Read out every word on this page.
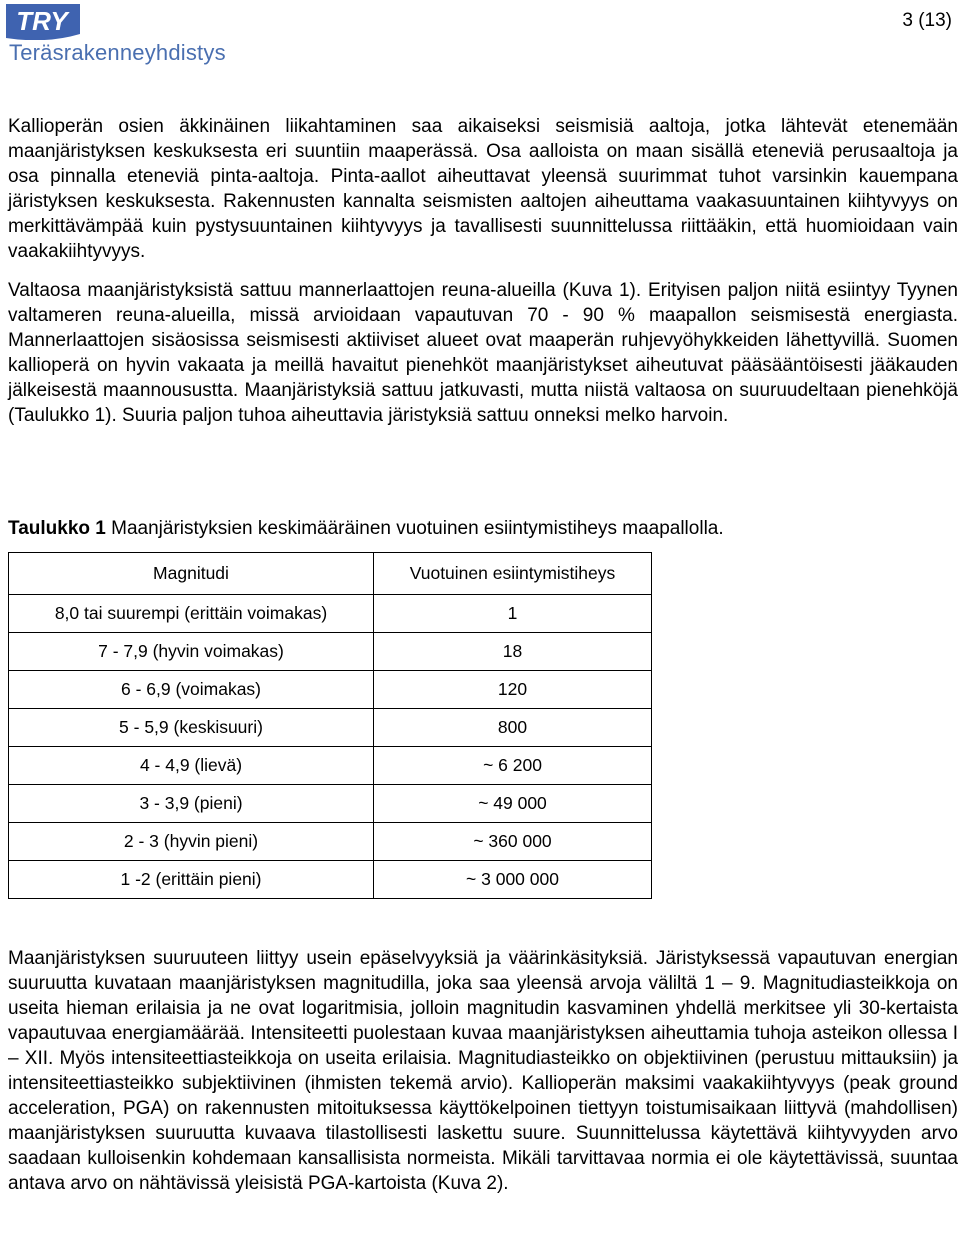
TRY
Teräsrakenneyhdistys
3 (13)

Kallioperän osien äkkinäinen liikahtaminen saa aikaiseksi seismisiä aaltoja, jotka lähtevät etenemään maanjäristyksen keskuksesta eri suuntiin maaperässä. Osa aalloista on maan sisällä eteneviä perusaaltoja ja osa pinnalla eteneviä pinta-aaltoja. Pinta-aallot aiheuttavat yleensä suurimmat tuhot varsinkin kauempana järistyksen keskuksesta. Rakennusten kannalta seismisten aaltojen aiheuttama vaakasuuntainen kiihtyvyys on merkittävämpää kuin pystysuuntainen kiihtyvyys ja tavallisesti suunnittelussa riittääkin, että huomioidaan vain vaakakiihtyvyys.

Valtaosa maanjäristyksistä sattuu mannerlaattojen reuna-alueilla (Kuva 1). Erityisen paljon niitä esiintyy Tyynen valtameren reuna-alueilla, missä arvioidaan vapautuvan 70 - 90 % maapallon seismisestä energiasta. Mannerlaattojen sisäosissa seismisesti aktiiviset alueet ovat maaperän ruhjevyöhykkeiden lähettyvillä. Suomen kallioperä on hyvin vakaata ja meillä havaitut pienehköt maanjäristykset aiheutuvat pääsääntöisesti jääkauden jälkeisestä maannousustta. Maanjäristyksiä sattuu jatkuvasti, mutta niistä valtaosa on suuruudeltaan pienehköjä (Taulukko 1). Suuria paljon tuhoa aiheuttavia järistyksiä sattuu onneksi melko harvoin.

Taulukko 1 Maanjäristyksien keskimääräinen vuotuinen esiintymistiheys maapallolla.
Magnitudi	Vuotuinen esiintymistiheys
8,0 tai suurempi (erittäin voimakas)	1
7 - 7,9 (hyvin voimakas)	18
6 - 6,9 (voimakas)	120
5 - 5,9 (keskisuuri)	800
4 - 4,9 (lievä)	~ 6 200
3 - 3,9 (pieni)	~ 49 000
2 - 3 (hyvin pieni)	~ 360 000
1 -2 (erittäin pieni)	~ 3 000 000

Maanjäristyksen suuruuteen liittyy usein epäselvyyksiä ja väärinkäsityksiä. Järistyksessä vapautuvan energian suuruutta kuvataan maanjäristyksen magnitudilla, joka saa yleensä arvoja väliltä 1 – 9. Magnitudiasteikkoja on useita hieman erilaisia ja ne ovat logaritmisia, jolloin magnitudin kasvaminen yhdellä merkitsee yli 30-kertaista vapautuvaa energiamäärää. Intensiteetti puolestaan kuvaa maanjäristyksen aiheuttamia tuhoja asteikon ollessa I – XII. Myös intensiteettiasteikkoja on useita erilaisia. Magnitudiasteikko on objektiivinen (perustuu mittauksiin) ja intensiteettiasteikko subjektiivinen (ihmisten tekemä arvio). Kallioperän maksimi vaakakiihtyvyys (peak ground acceleration, PGA) on rakennusten mitoituksessa käyttökelpoinen tiettyyn toistumisaikaan liittyvä (mahdollisen) maanjäristyksen suuruutta kuvaava tilastollisesti laskettu suure. Suunnittelussa käytettävä kiihtyvyyden arvo saadaan kulloisenkin kohdemaan kansallisista normeista. Mikäli tarvittavaa normia ei ole käytettävissä, suuntaa antava arvo on nähtävissä yleisistä PGA-kartoista (Kuva 2).
